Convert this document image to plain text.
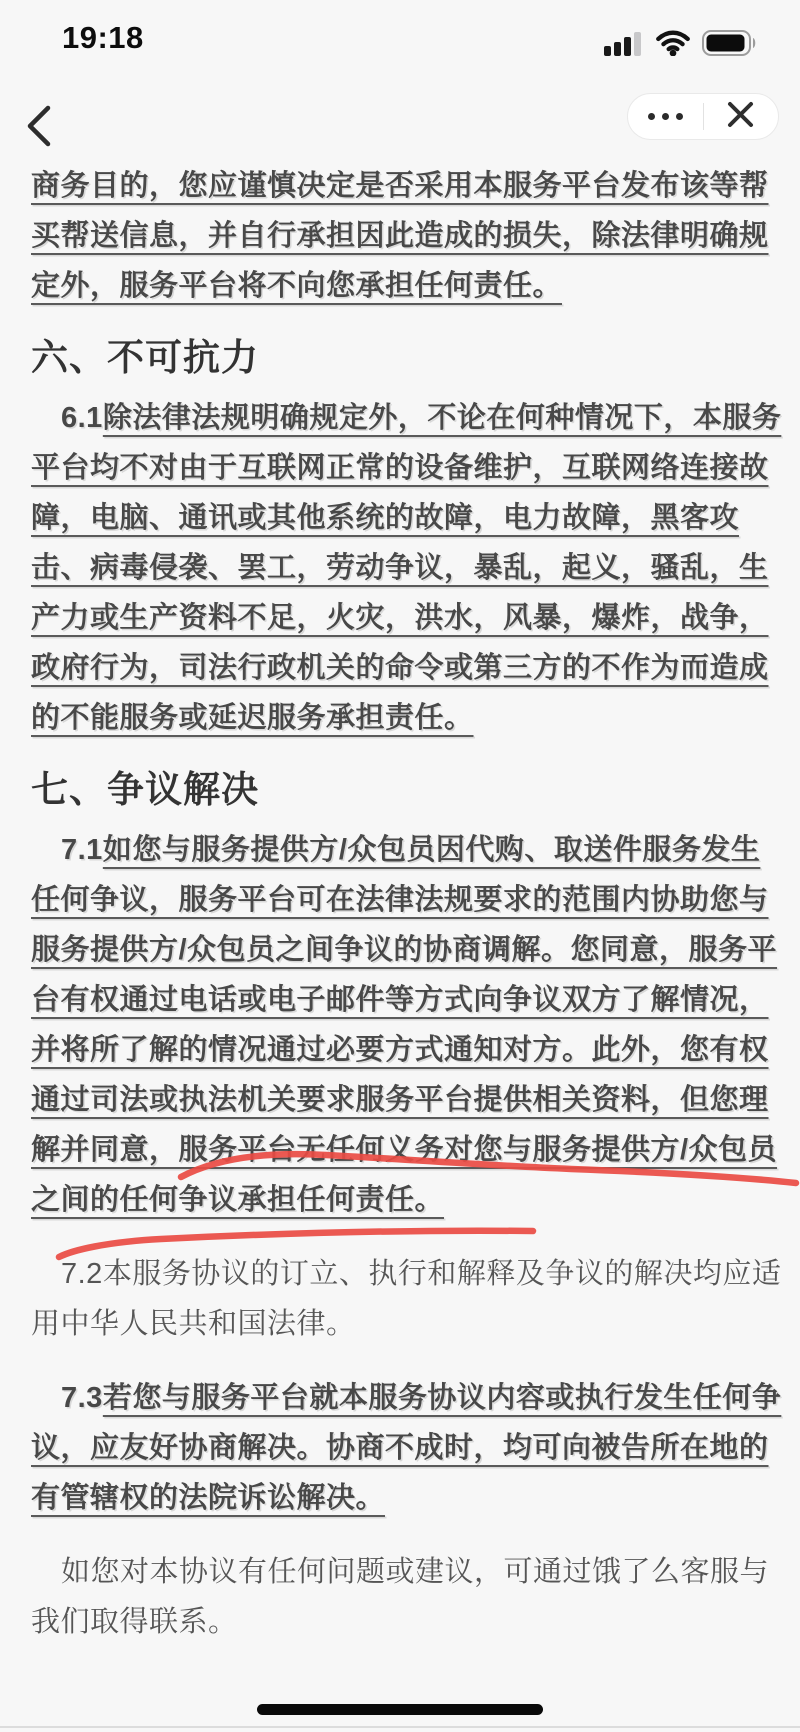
19:18
商务目的，您应谨慎决定是否采用本服务平台发布该等帮
买帮送信息，并自行承担因此造成的损失，除法律明确规
定外，服务平台将不向您承担任何责任。
六、不可抗力
6.1除法律法规明确规定外，不论在何种情况下，本服务
平台均不对由于互联网正常的设备维护，互联网络连接故
障，电脑、通讯或其他系统的故障，电力故障，黑客攻
击、病毒侵袭、罢工，劳动争议，暴乱，起义，骚乱，生
产力或生产资料不足，火灾，洪水，风暴，爆炸，战争，
政府行为，司法行政机关的命令或第三方的不作为而造成
的不能服务或延迟服务承担责任。
七、争议解决
7.1如您与服务提供方/众包员因代购、取送件服务发生
任何争议，服务平台可在法律法规要求的范围内协助您与
服务提供方/众包员之间争议的协商调解。您同意，服务平
台有权通过电话或电子邮件等方式向争议双方了解情况，
并将所了解的情况通过必要方式通知对方。此外，您有权
通过司法或执法机关要求服务平台提供相关资料，但您理
解并同意，服务平台无任何义务对您与服务提供方/众包员
之间的任何争议承担任何责任。
7.2本服务协议的订立、执行和解释及争议的解决均应适
用中华人民共和国法律。
7.3若您与服务平台就本服务协议内容或执行发生任何争
议，应友好协商解决。协商不成时，均可向被告所在地的
有管辖权的法院诉讼解决。
如您对本协议有任何问题或建议，可通过饿了么客服与
我们取得联系。
